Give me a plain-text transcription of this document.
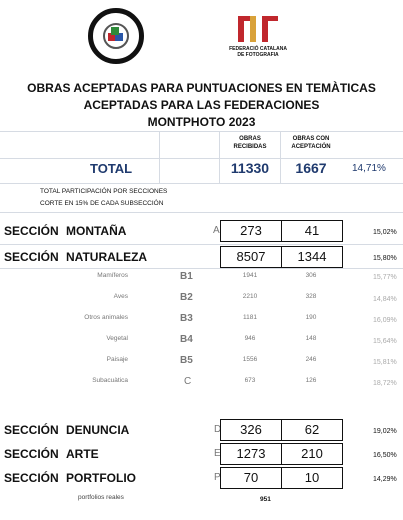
FEDERACIÓ CATALANA DE FOTOGRAFIA
OBRAS ACEPTADAS PARA PUNTUACIONES EN TEMÀTICAS
ACEPTADAS PARA LAS FEDERACIONES
MONTPHOTO 2023
OBRAS
RECIBIDAS
OBRAS CON
ACEPTACIÓN
TOTAL	11330	1667	14,71%
TOTAL PARTICIPACIÓN POR SECCIONES
CORTE EN 15% DE CADA SUBSECCIÓN
SECCIÓN MONTAÑA	A	273	41	15,02%
SECCIÓN NATURALEZA	8507	1344	15,80%
Mamíferos	B1	1941	306	15,77%
Aves	B2	2210	328	14,84%
Otros animales	B3	1181	190	16,09%
Vegetal	B4	946	148	15,64%
Paisaje	B5	1556	246	15,81%
Subacuàtica	C	673	126	18,72%
SECCIÓN DENUNCIA	D	326	62	19,02%
SECCIÓN ARTE	E	1273	210	16,50%
SECCIÓN PORTFOLIO	P	70	10	14,29%
portfolios reales	951
